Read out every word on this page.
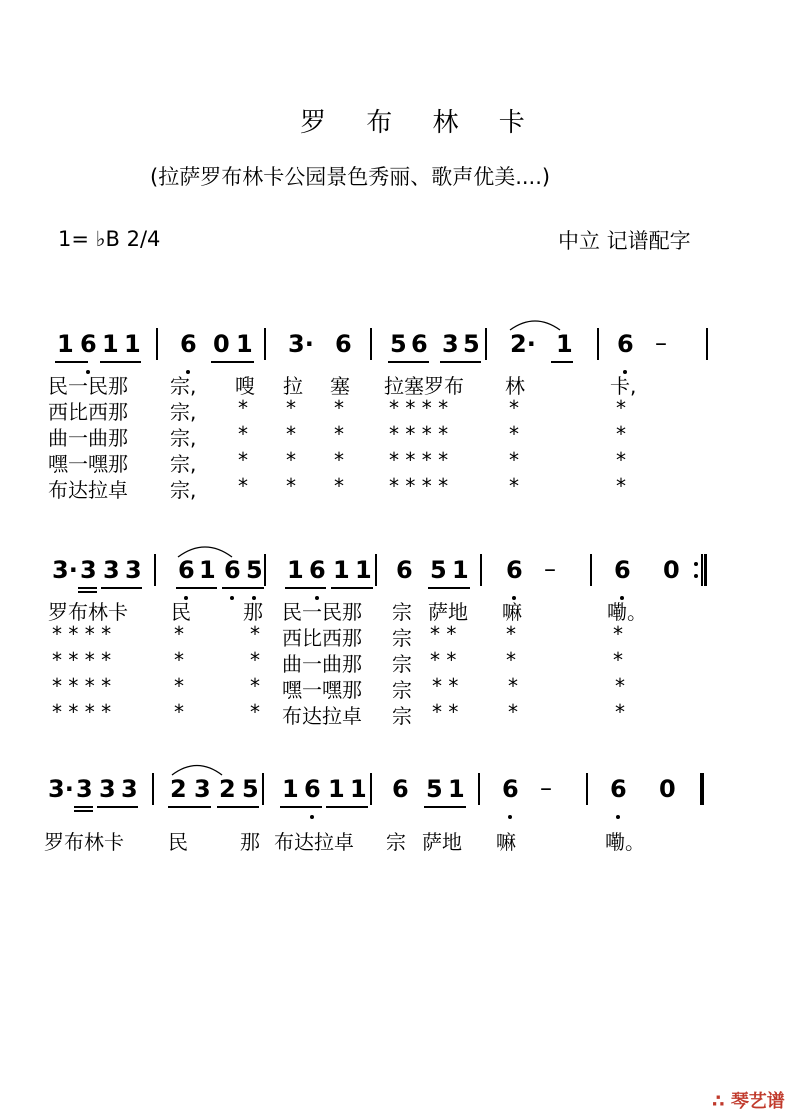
罗 布 林 卡
(拉萨罗布林卡公园景色秀丽、歌声优美....)
1= ♭B 2/4	中立 记谱配字
1 6 1 1 6 0 1 3· 6 5 6 3 5 2· 1 6 –
民一民那 宗, 嗖 拉 塞 拉塞罗布 林	卡,
西比西那 宗, * * * * * * *	*	*
曲一曲那 宗, * * * * * * *	*	*
嘿一嘿那 宗, * * * * * * *	*	*
布达拉卓 宗, * * * * * * *	*	*
3· 3 3 3 6 1 6 5 1 6 1 1 6 5 1 6 – 6 0
罗布林卡 民	那 民一民那 宗 萨地 嘛	嘞。
* * * *	*	* 西比西那 宗 * * *	*
* * * *	*	* 曲一曲那 宗 * * *	*
* * * *	*	* 嘿一嘿那 宗 * * *	*
* * * *	*	* 布达拉卓 宗 * * *	*
3· 3 3 3 2 3 2 5 1 6 1 1 6 5 1 6 – 6 0
罗布林卡 民	那 布达拉卓 宗 萨地 嘛	嘞。
∴ 琴艺谱
